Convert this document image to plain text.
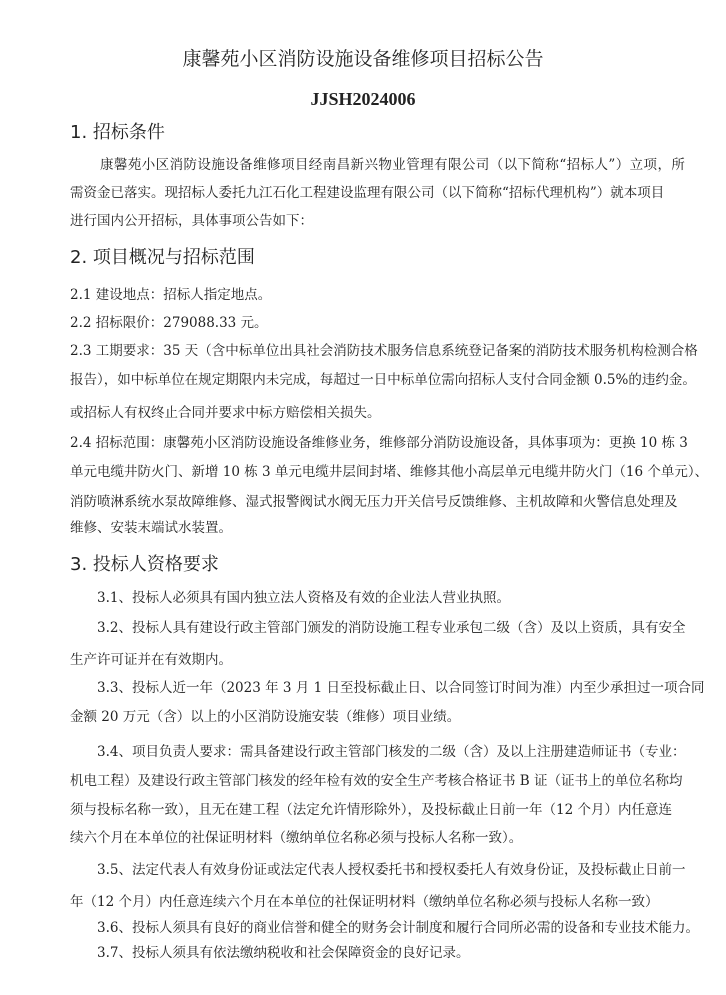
康馨苑小区消防设施设备维修项目招标公告
JJSH2024006
1. 招标条件
康馨苑小区消防设施设备维修项目经南昌新兴物业管理有限公司（以下简称“招标人”）立项，所
需资金已落实。现招标人委托九江石化工程建设监理有限公司（以下简称“招标代理机构”）就本项目
进行国内公开招标，具体事项公告如下：
2. 项目概况与招标范围
2.1 建设地点：招标人指定地点。
2.2 招标限价：279088.33 元。
2.3 工期要求：35 天（含中标单位出具社会消防技术服务信息系统登记备案的消防技术服务机构检测合格
报告），如中标单位在规定期限内未完成，每超过一日中标单位需向招标人支付合同金额 0.5%的违约金。
或招标人有权终止合同并要求中标方赔偿相关损失。
2.4 招标范围：康馨苑小区消防设施设备维修业务，维修部分消防设施设备，具体事项为：更换 10 栋 3
单元电缆井防火门、新增 10 栋 3 单元电缆井层间封堵、维修其他小高层单元电缆井防火门（16 个单元）、
消防喷淋系统水泵故障维修、湿式报警阀试水阀无压力开关信号反馈维修、主机故障和火警信息处理及
维修、安装末端试水装置。
3. 投标人资格要求
3.1、投标人必须具有国内独立法人资格及有效的企业法人营业执照。
3.2、投标人具有建设行政主管部门颁发的消防设施工程专业承包二级（含）及以上资质，具有安全
生产许可证并在有效期内。
3.3、投标人近一年（2023 年 3 月 1 日至投标截止日、以合同签订时间为准）内至少承担过一项合同
金额 20 万元（含）以上的小区消防设施安装（维修）项目业绩。
3.4、项目负责人要求：需具备建设行政主管部门核发的二级（含）及以上注册建造师证书（专业：
机电工程）及建设行政主管部门核发的经年检有效的安全生产考核合格证书 B 证（证书上的单位名称均
须与投标名称一致），且无在建工程（法定允许情形除外），及投标截止日前一年（12 个月）内任意连
续六个月在本单位的社保证明材料（缴纳单位名称必须与投标人名称一致）。
3.5、法定代表人有效身份证或法定代表人授权委托书和授权委托人有效身份证，及投标截止日前一
年（12 个月）内任意连续六个月在本单位的社保证明材料（缴纳单位名称必须与投标人名称一致）
3.6、投标人须具有良好的商业信誉和健全的财务会计制度和履行合同所必需的设备和专业技术能力。
3.7、投标人须具有依法缴纳税收和社会保障资金的良好记录。
